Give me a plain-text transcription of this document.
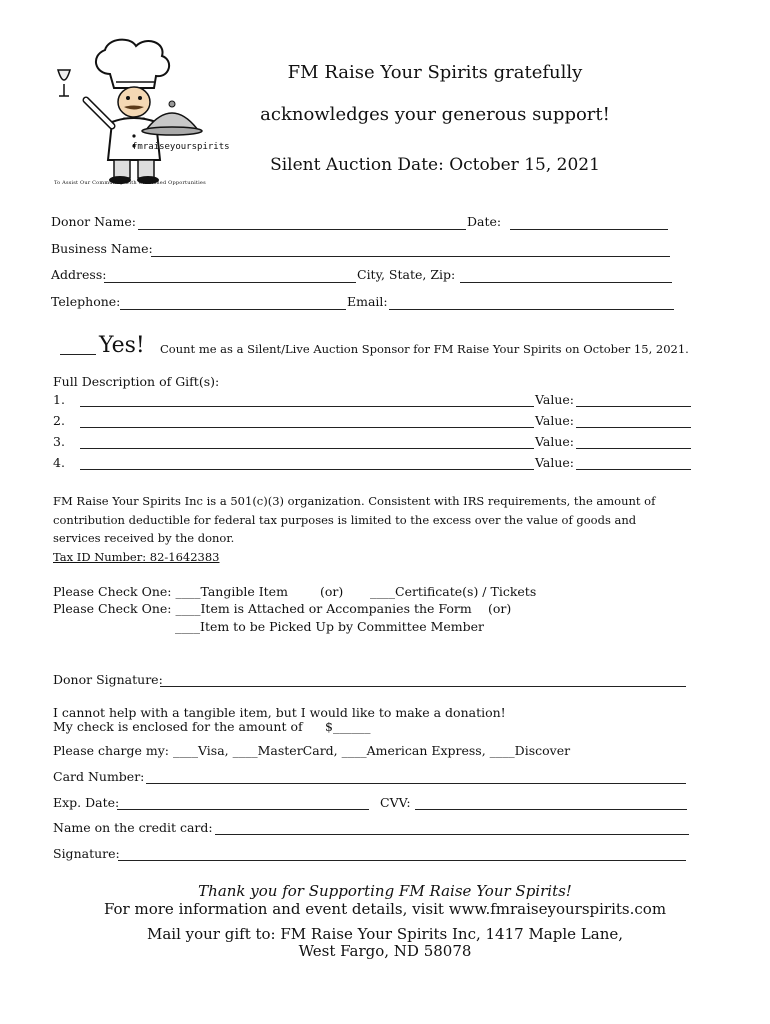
fmraiseyourspirits
To Assist Our Community with Cherished Opportunities
FM Raise Your Spirits gratefully
acknowledges your generous support!
Silent Auction Date: October 15, 2021
Donor Name:	Date:
Business Name:
Address:	City, State, Zip:
Telephone:	Email:
Yes! Count me as a Silent/Live Auction Sponsor for FM Raise Your Spirits on October 15, 2021.
Full Description of Gift(s):
1.	Value:
2.	Value:
3.	Value:
4.	Value:
FM Raise Your Spirits Inc is a 501(c)(3) organization. Consistent with IRS requirements, the amount of
contribution deductible for federal tax purposes is limited to the excess over the value of goods and
services received by the donor.
Tax ID Number: 82-1642383
Please Check One: ____Tangible Item	(or) ____Certificate(s) / Tickets
Please Check One: ____Item is Attached or Accompanies the Form (or)
____Item to be Picked Up by Committee Member
Donor Signature:
I cannot help with a tangible item, but I would like to make a donation!
My check is enclosed for the amount of $______
Please charge my: ____Visa, ____MasterCard, ____American Express, ____Discover
Card Number:
Exp. Date:	CVV:
Name on the credit card:
Signature:
Thank you for Supporting FM Raise Your Spirits!
For more information and event details, visit www.fmraiseyourspirits.com
Mail your gift to: FM Raise Your Spirits Inc, 1417 Maple Lane,
West Fargo, ND 58078
